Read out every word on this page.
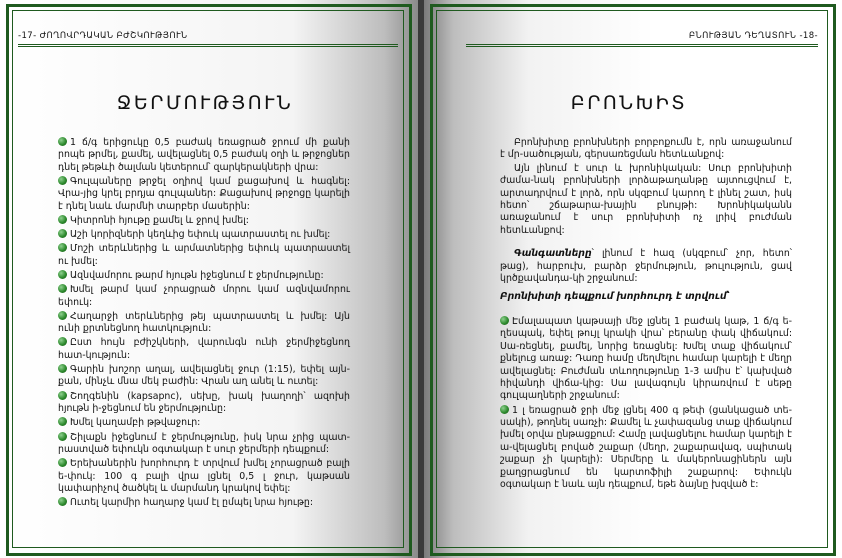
-17- ԺՈՂՈՎՐԴԱԿԱՆ ԲԺՇԿՈՒԹՅՈՒՆ
ՋԵՐՄՈՒԹՅՈՒՆ
1 ճ/գ երիցուկը 0,5 բաժակ եռացրած ջրում մի քանի րոպե թրմել, քամել, ավելացնել 0,5 բաժակ օղի և թրջոցներ դնել թեթևի ծալման կետերում՝ զարկերակների վրա:
Գուլպաները թրջել օղիով կամ քացախով և հագնել: Վրա-յից կրել բրդյա գուլպաներ: Քացախով թրջոցը կարելի է դնել նաև մարմնի տարբեր մասերին:
Կիտրոնի հյութը քամել և ջրով խմել:
Աշի կորիզների կեղևից եփուկ պատրաստել ու խմել:
Մոշի տերևներից և արմատներից եփուկ պատրաստել ու խմել:
Ազնվամորու թարմ հյութն իջեցնում է ջերմությունը:
Խմել թարմ կամ չորացրած մորու կամ ազնվամորու եփուկ:
Հաղարջի տերևներից թեյ պատրաստել և խմել: Այն ունի քրտնեցնող հատկություն:
Ըստ հույն բժիշկների, վարունգն ունի ջերմիջեցնող հատ-կություն:
Գարին խոշոր աղալ, ավելացնել ջուր (1:15), եփել այն-քան, մինչև մնա մեկ բաժին: Վրան աղ անել և ուտել:
Շողգենին (kapsapnc), սեխը, խակ խաղողի՝ ազոխի հյութն ի-ջեցնում են ջերմությունը:
Խմել կաղամբի թթվաջուր:
Շիլաքն իջեցնում է ջերմությունը, իսկ նրա չրից պատ-րաստված եփուկն օգտակար է սուր ջերմերի դեպքում:
Երեխաներին խորհուրդ է տրվում խմել չորացրած բալի ե-փուկ: 100 գ բալի վրա լցնել 0,5 լ ջուր, կաթսան կափարիչով ծածկել և մարմանդ կրակով եփել:
Ուտել կարմիր հաղարջ կամ էլ ըմպել նրա հյութը:
ԲՆՈՒԹՅԱՆ ԴԵՂԱՏՈՒՆ -18-
ԲՐՈՆԽԻՏ
Բրոնխիտը բրոնխների բորբոքումն է, որն առաջանում է մր-սածության, գերսառեցման հետևանքով:
Այն լինում է սուր և խրոնիկական: Սուր բրոնխիտի ժամա-նակ բրոնխների լորձաթաղանթը այտուցվում է, արտադրվում է լորձ, որն սկզբում կարող է լինել շատ, իսկ հետո՝ շճաթարա-խային բնույթի: Խրոնիկականն առաջանում է սուր բրոնխիտի ոչ լրիվ բուժման հետևանքով:
Գանգատները՝ լինում է հազ (սկզբում՝ չոր, հետո՝ թաց), հարբուխ, բարձր ջերմություն, թուլություն, ցավ կրծքավանդա-կի շրջանում:
Բրոնխիտի դեպքում խորհուրդ է տրվում՝
Էմալապատ կաթսայի մեջ լցնել 1 բաժակ կաթ, 1 ճ/գ ե-ղեսպակ, եփել թույլ կրակի վրա՝ բերանը փակ վիճակում: Սա-ռեցնել, քամել, նորից եռացնել: Խմել տաք վիճակում՝ քնելուց առաջ: Դառը համը մեղմելու համար կարելի է մեղր ավելացնել: Բուժման տևողությունը 1-3 ամիս է՝ կախված հիվանդի վիճա-կից: Սա լավագույն կիրառվում է սեթը գուլպաղների շրջանում:
1 լ եռացրած ջրի մեջ լցնել 400 գ թեփ (ցանկացած տե-սակի), թողնել սառչի: Քամել և չափազանց տաք վիճակում խմել օրվա ընթացքում: Համը լավացնելու համար կարելի է ա-վելացնել բոված շաքար (մեղր, շաքարավազ, սպիտակ շաքար չի կարելի): Սերմերը և մակերոնացիներն այն քաղցրացնում են կարտոֆիլի շաքարով: Եփուկն օգտակար է նաև այն դեպքում, եթե ձայնը խզված է:
